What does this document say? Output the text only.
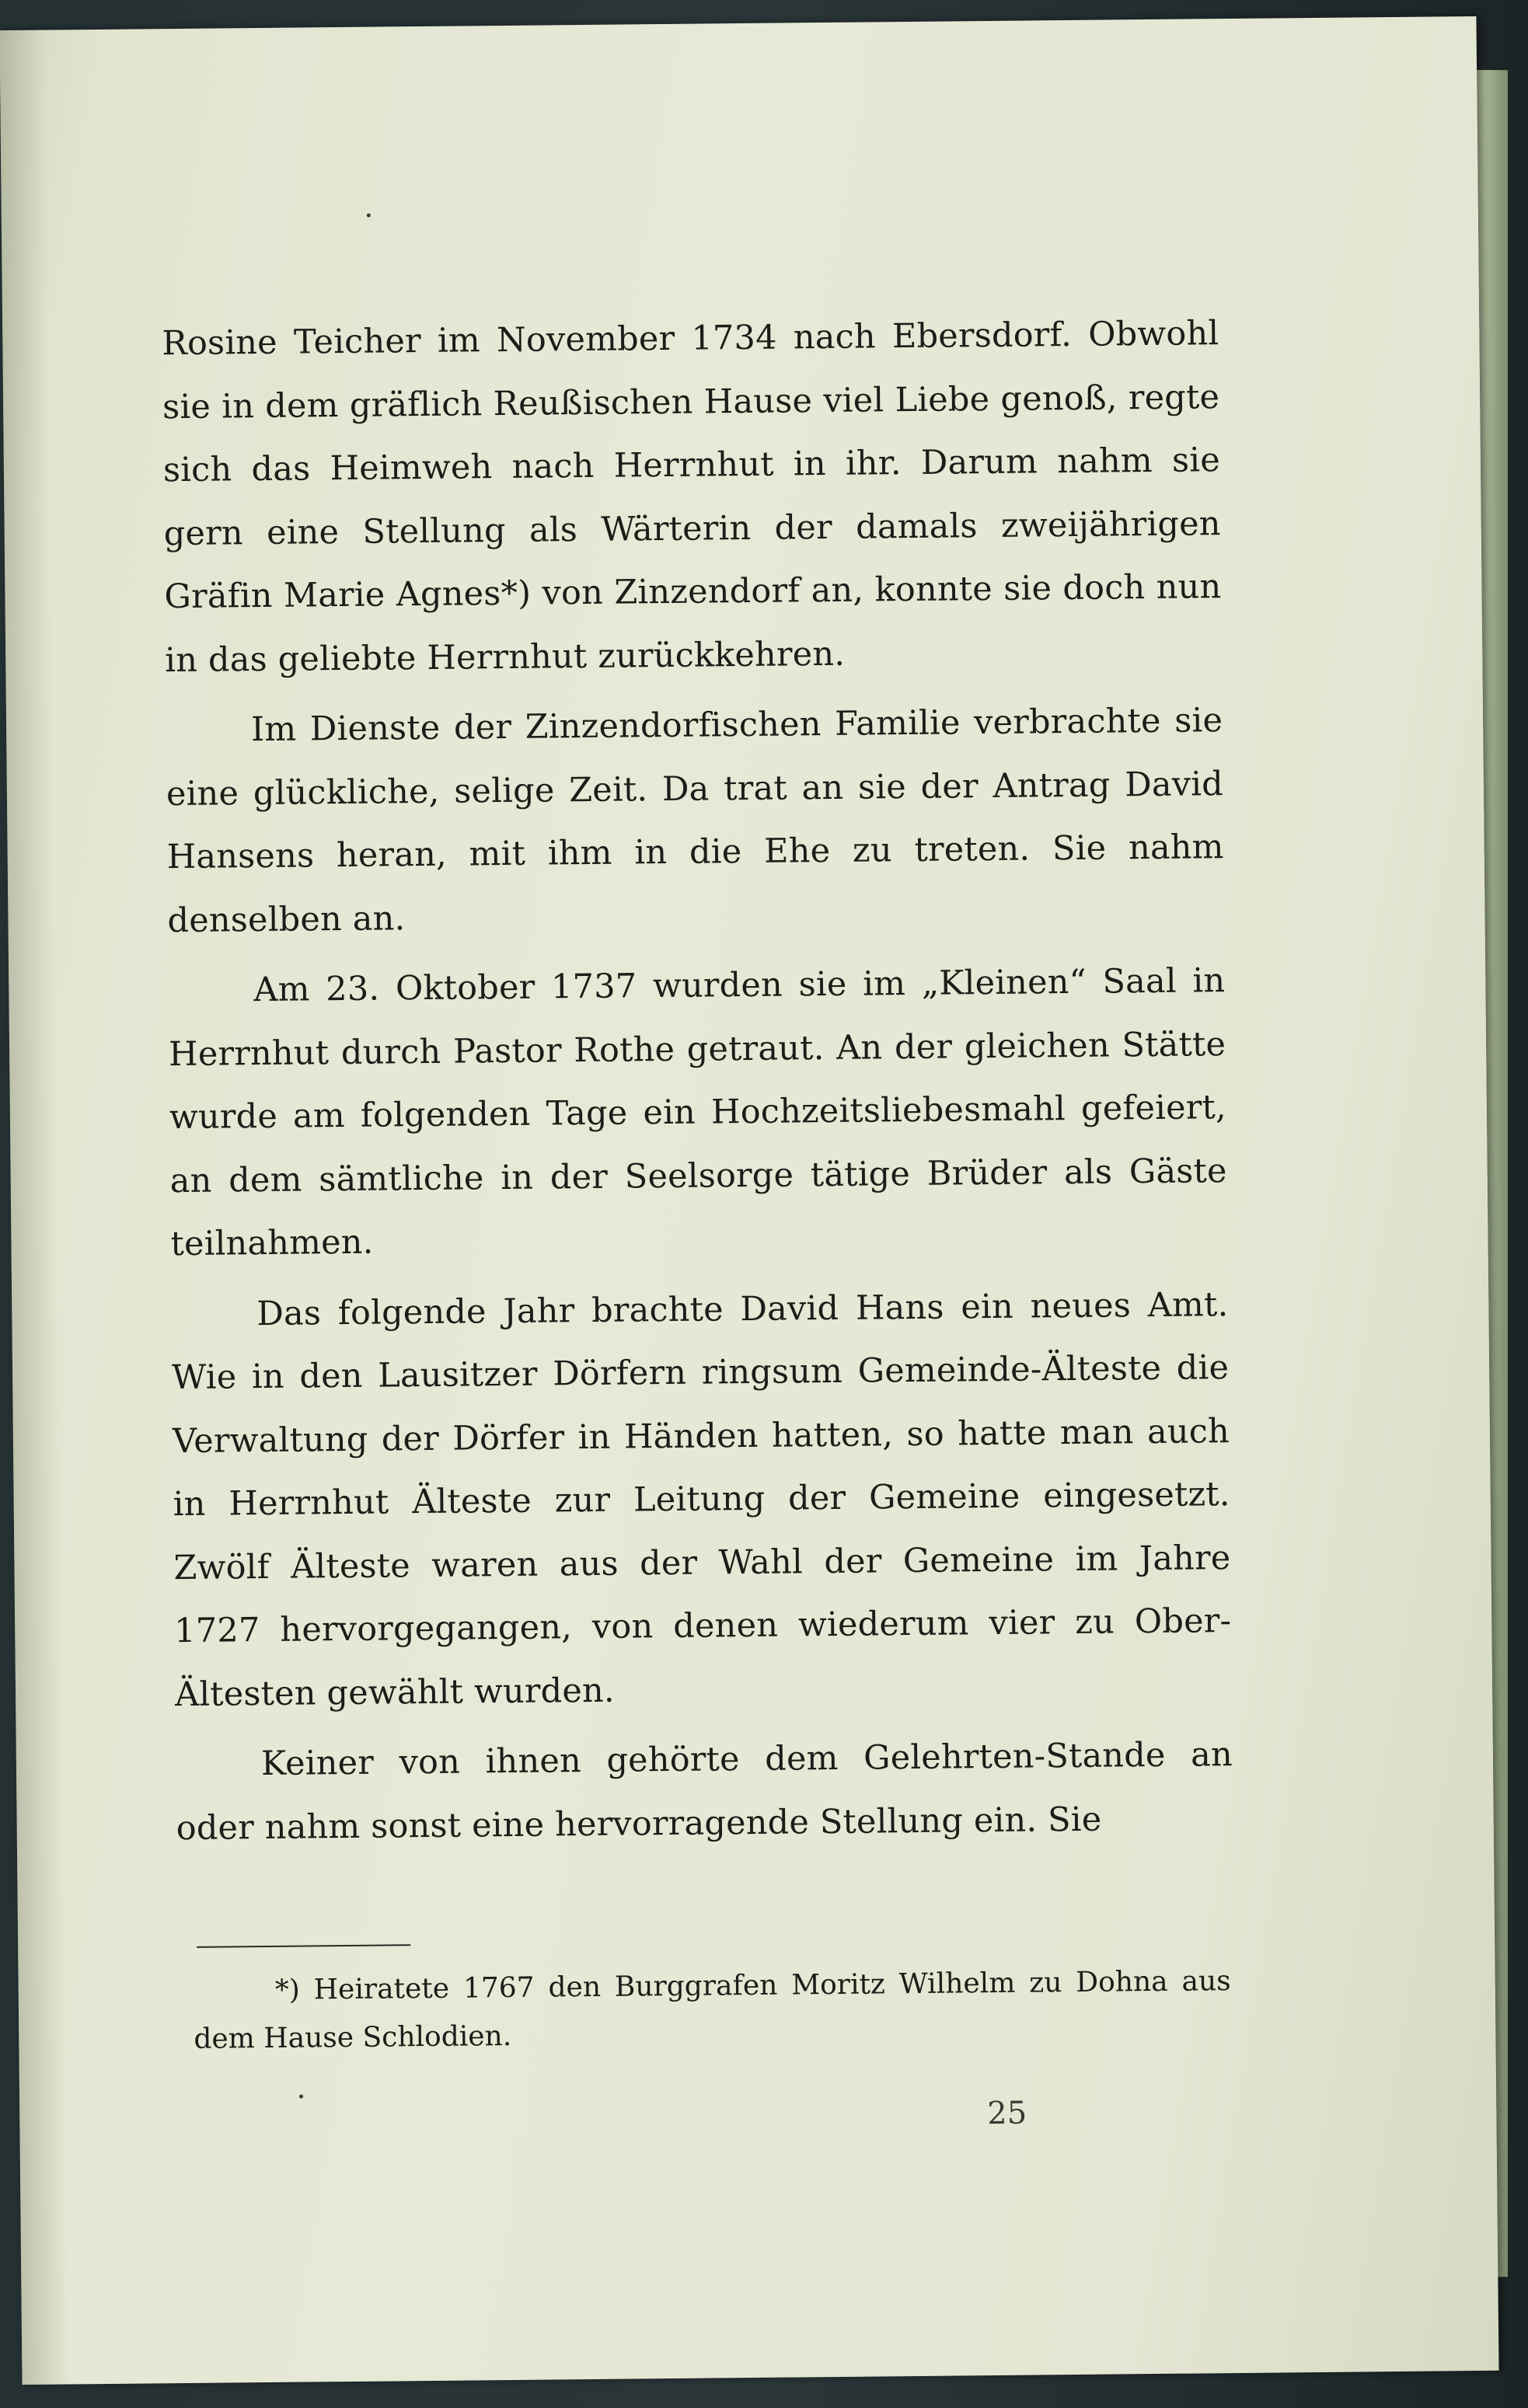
Rosine Teicher im November 1734 nach Ebersdorf. Obwohl sie in dem gräflich Reußischen Hause viel Liebe genoß, regte sich das Heimweh nach Herrnhut in ihr. Darum nahm sie gern eine Stellung als Wärterin der damals zweijährigen Gräfin Marie Agnes*) von Zinzendorf an, konnte sie doch nun in das geliebte Herrnhut zurückkehren.

Im Dienste der Zinzendorfischen Familie verbrachte sie eine glückliche, selige Zeit. Da trat an sie der Antrag David Hansens heran, mit ihm in die Ehe zu treten. Sie nahm denselben an.

Am 23. Oktober 1737 wurden sie im „Kleinen“ Saal in Herrnhut durch Pastor Rothe getraut. An der gleichen Stätte wurde am folgenden Tage ein Hochzeitsliebesmahl gefeiert, an dem sämtliche in der Seelsorge tätige Brüder als Gäste teilnahmen.

Das folgende Jahr brachte David Hans ein neues Amt. Wie in den Lausitzer Dörfern ringsum Gemeinde-Älteste die Verwaltung der Dörfer in Händen hatten, so hatte man auch in Herrnhut Älteste zur Leitung der Gemeine eingesetzt. Zwölf Älteste waren aus der Wahl der Gemeine im Jahre 1727 hervorgegangen, von denen wiederum vier zu Ober-Ältesten gewählt wurden.

Keiner von ihnen gehörte dem Gelehrten-Stande an oder nahm sonst eine hervorragende Stellung ein. Sie

*) Heiratete 1767 den Burggrafen Moritz Wilhelm zu Dohna aus dem Hause Schlodien.

25
